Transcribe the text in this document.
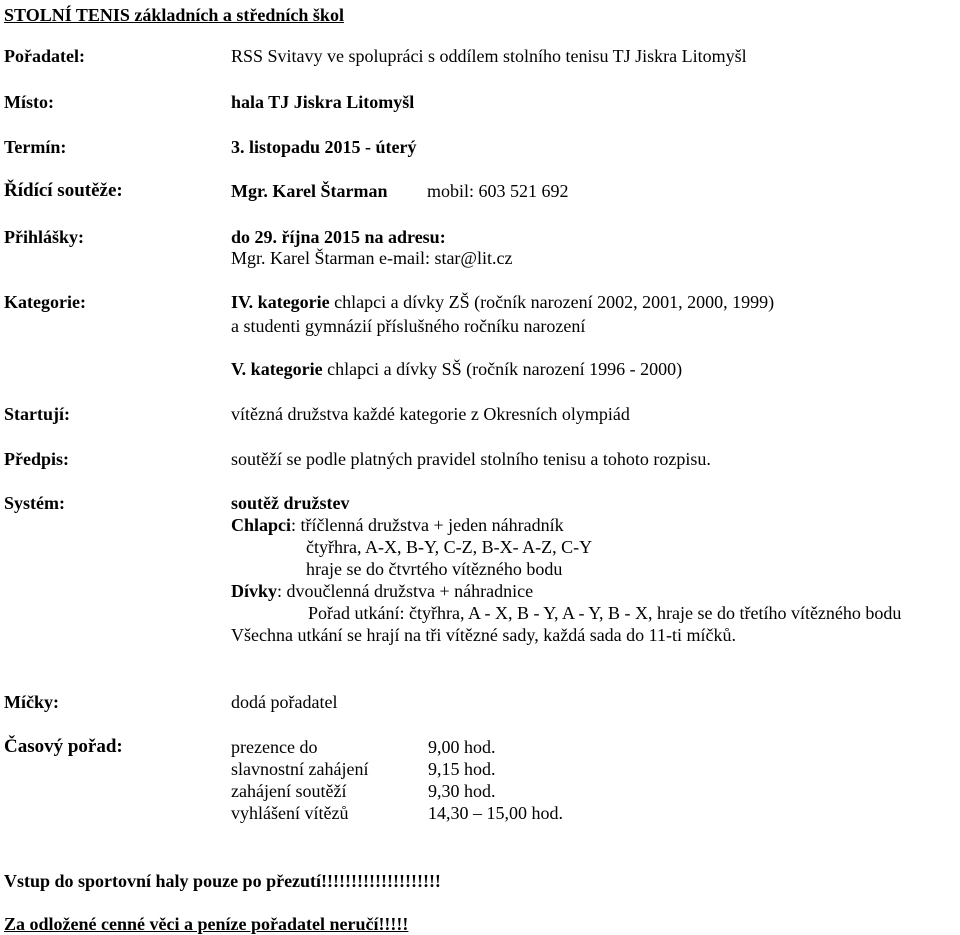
STOLNÍ TENIS základních a středních škol
Pořadatel:	RSS Svitavy ve spolupráci s oddílem stolního tenisu TJ Jiskra Litomyšl
Místo:	hala TJ Jiskra Litomyšl
Termín:	3. listopadu 2015 - úterý
Řídící soutěže:	Mgr. Karel Štarman mobil: 603 521 692
Přihlášky:	do 29. října 2015 na adresu:
Mgr. Karel Štarman e-mail: star@lit.cz
Kategorie:	IV. kategorie chlapci a dívky ZŠ (ročník narození 2002, 2001, 2000, 1999)
a studenti gymnázií příslušného ročníku narození
V. kategorie chlapci a dívky SŠ (ročník narození 1996 - 2000)
Startují:	vítězná družstva každé kategorie z Okresních olympiád
Předpis:	soutěží se podle platných pravidel stolního tenisu a tohoto rozpisu.
Systém:	soutěž družstev
Chlapci: tříčlenná družstva + jeden náhradník
čtyřhra, A-X, B-Y, C-Z, B-X- A-Z, C-Y
hraje se do čtvrtého vítězného bodu
Dívky: dvoučlenná družstva + náhradnice
Pořad utkání: čtyřhra, A - X, B - Y, A - Y, B - X, hraje se do třetího vítězného bodu
Všechna utkání se hrají na tři vítězné sady, každá sada do 11-ti míčků.
Míčky:	dodá pořadatel
Časový pořad:	prezence do	9,00 hod.
slavnostní zahájení	9,15 hod.
zahájení soutěží	9,30 hod.
vyhlášení vítězů	14,30 – 15,00 hod.
Vstup do sportovní haly pouze po přezutí!!!!!!!!!!!!!!!!!!!!
Za odložené cenné věci a peníze pořadatel neručí!!!!!
